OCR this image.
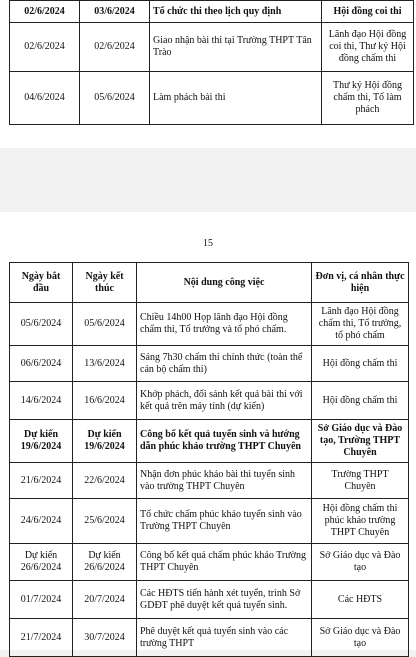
02/6/2024	03/6/2024	Tổ chức thi theo lịch quy định	Hội đồng coi thi
02/6/2024	02/6/2024	Giao nhận bài thi tại Trường THPT Tân Trào	Lãnh đạo Hội đồng coi thi, Thư ký Hội đồng chấm thi
04/6/2024	05/6/2024	Làm phách bài thi	Thư ký Hội đồng chấm thi, Tổ làm phách
15
Ngày bắt đầu	Ngày kết thúc	Nội dung công việc	Đơn vị, cá nhân thực hiện
05/6/2024	05/6/2024	Chiều 14h00 Họp lãnh đạo Hội đồng chấm thi, Tổ trưởng và tổ phó chấm.	Lãnh đạo Hội đồng chấm thi, Tổ trưởng, tổ phó chấm
06/6/2024	13/6/2024	Sáng 7h30 chấm thi chính thức (toàn thể cán bộ chấm thi)	Hội đồng chấm thi
14/6/2024	16/6/2024	Khớp phách, đối sánh kết quả bài thi với kết quả trên máy tính (dự kiến)	Hội đồng chấm thi
Dự kiến 19/6/2024	Dự kiến 19/6/2024	Công bố kết quả tuyển sinh và hướng dẫn phúc khảo trường THPT Chuyên	Sở Giáo dục và Đào tạo, Trường THPT Chuyên
21/6/2024	22/6/2024	Nhận đơn phúc khảo bài thi tuyển sinh vào trường THPT Chuyên	Trường THPT Chuyên
24/6/2024	25/6/2024	Tổ chức chấm phúc khảo tuyển sinh vào Trường THPT Chuyên	Hội đồng chấm thi phúc khảo trường THPT Chuyên
Dự kiến 26/6/2024	Dự kiến 26/6/2024	Công bố kết quả chấm phúc khảo Trường THPT Chuyên	Sở Giáo dục và Đào tạo
01/7/2024	20/7/2024	Các HĐTS tiến hành xét tuyển, trình Sở GDĐT phê duyệt kết quả tuyển sinh.	Các HĐTS
21/7/2024	30/7/2024	Phê duyệt kết quả tuyển sinh vào các trường THPT	Sở Giáo dục và Đào tạo
